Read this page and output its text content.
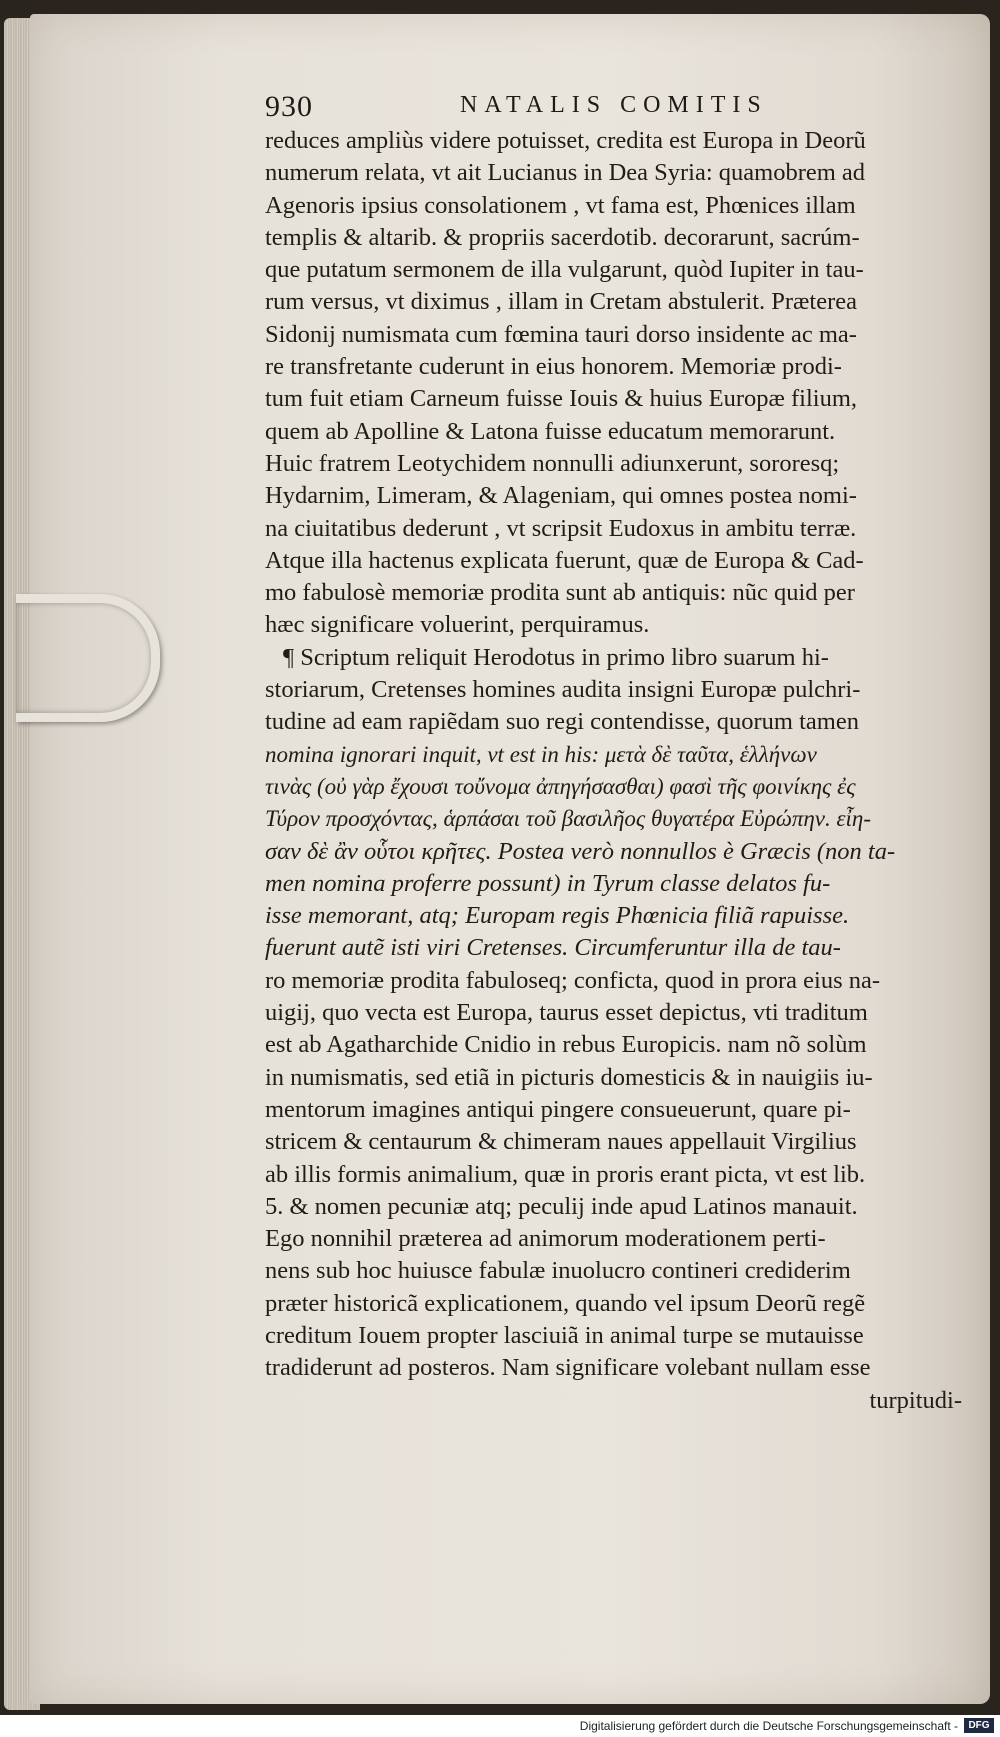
930	NATALIS COMITIS
reduces ampliùs videre potuisset, credita est Europa in Deorũ
numerum relata, vt ait Lucianus in Dea Syria: quamobrem ad
Agenoris ipsius consolationem , vt fama est, Phœnices illam
templis & altarib. & propriis sacerdotib. decorarunt, sacrúm-
que putatum sermonem de illa vulgarunt, quòd Iupiter in tau-
rum versus, vt diximus , illam in Cretam abstulerit. Præterea
Sidonij numismata cum fœmina tauri dorso insidente ac ma-
re transfretante cuderunt in eius honorem. Memoriæ prodi-
tum fuit etiam Carneum fuisse Iouis & huius Europæ filium,
quem ab Apolline & Latona fuisse educatum memorarunt.
Huic fratrem Leotychidem nonnulli adiunxerunt, sororesq;
Hydarnim, Limeram, & Alageniam, qui omnes postea nomi-
na ciuitatibus dederunt , vt scripsit Eudoxus in ambitu terræ.
Atque illa hactenus explicata fuerunt, quæ de Europa & Cad-
mo fabulosè memoriæ prodita sunt ab antiquis: nũc quid per
hæc significare voluerint, perquiramus.
¶ Scriptum reliquit Herodotus in primo libro suarum hi-
storiarum, Cretenses homines audita insigni Europæ pulchri-
tudine ad eam rapiẽdam suo regi contendisse, quorum tamen
nomina ignorari inquit, vt est in his: μετὰ δὲ ταῦτα, ἑλλήνων
τινὰς (οὐ γὰρ ἔχουσι τοὔνομα ἀπηγήσασθαι) φασὶ τῆς φοινίκης ἐς
Τύρον προσχόντας, ἁρπάσαι τοῦ βασιλῆος θυγατέρα Εὐρώπην. εἶη-
σαν δὲ ἂν οὗτοι κρῆτες. Postea verò nonnullos è Græcis (non ta-
men nomina proferre possunt) in Tyrum classe delatos fu-
isse memorant, atq; Europam regis Phœnicia filiã rapuisse.
fuerunt autẽ isti viri Cretenses. Circumferuntur illa de tau-
ro memoriæ prodita fabuloseq; conficta, quod in prora eius na-
uigij, quo vecta est Europa, taurus esset depictus, vti traditum
est ab Agatharchide Cnidio in rebus Europicis. nam nõ solùm
in numismatis, sed etiã in picturis domesticis & in nauigiis iu-
mentorum imagines antiqui pingere consueuerunt, quare pi-
stricem & centaurum & chimeram naues appellauit Virgilius
ab illis formis animalium, quæ in proris erant picta, vt est lib.
5. & nomen pecuniæ atq; peculij inde apud Latinos manauit.
Ego nonnihil præterea ad animorum moderationem perti-
nens sub hoc huiusce fabulæ inuolucro contineri crediderim
præter historicã explicationem, quando vel ipsum Deorũ regẽ
creditum Iouem propter lasciuiã in animal turpe se mutauisse
tradiderunt ad posteros. Nam significare volebant nullam esse
turpitudi-
Digitalisierung gefördert durch die Deutsche Forschungsgemeinschaft -	DFG
